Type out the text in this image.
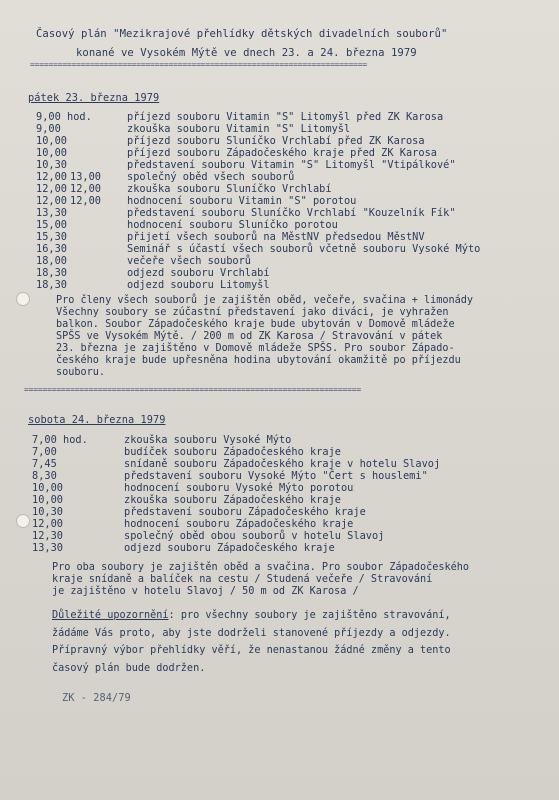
Časový plán "Mezikrajové přehlídky dětských divadelních souborů"
konané ve Vysokém Mýtě ve dnech 23. a 24. března 1979
=========================================================================
pátek 23. března 1979
9,00 hod.	příjezd souboru Vitamin "S" Litomyšl před ZK Karosa
9,00	zkouška souboru Vitamin "S" Litomyšl
10,00	příjezd souboru Sluníčko Vrchlabí před ZK Karosa
10,00	příjezd souboru Západočeského kraje před ZK Karosa
10,30	představení souboru Vitamin "S" Litomyšl "Vtipálkové"
12,00 13,00	společný oběd všech souborů
12,00 12,00	zkouška souboru Sluníčko Vrchlabí
12,00 12,00	hodnocení souboru Vitamin "S" porotou
13,30	představení souboru Sluníčko Vrchlabí "Kouzelník Fík"
15,00	hodnocení souboru Sluníčko porotou
15,30	přijetí všech souborů na MěstNV předsedou MěstNV
16,30	Seminář s účastí všech souborů včetně souboru Vysoké Mýto
18,00	večeře všech souborů
18,30	odjezd souboru Vrchlabí
18,30	odjezd souboru Litomyšl
Pro členy všech souborů je zajištěn oběd, večeře, svačina + limonády
Všechny soubory se zúčastní představení jako diváci, je vyhražen
balkon. Soubor Západočeského kraje bude ubytován v Domově mládeže
SPŠS ve Vysokém Mýtě. / 200 m od ZK Karosa / Stravování v pátek
23. března je zajištěno v Domově mládeže SPŠS. Pro soubor Západo-
českého kraje bude upřesněna hodina ubytování okamžitě po příjezdu
souboru.
=========================================================================
sobota 24. března 1979
7,00 hod.	zkouška souboru Vysoké Mýto
7,00	budíček souboru Západočeského kraje
7,45	snídaně souboru Západočeského kraje v hotelu Slavoj
8,30	představení souboru Vysoké Mýto "Čert s houslemi"
10,00	hodnocení souboru Vysoké Mýto porotou
10,00	zkouška souboru Západočeského kraje
10,30	představení souboru Západočeského kraje
12,00	hodnocení souboru Západočeského kraje
12,30	společný oběd obou souborů v hotelu Slavoj
13,30	odjezd souboru Západočeského kraje
Pro oba soubory je zajištěn oběd a svačina. Pro soubor Západočeského
kraje snídaně a balíček na cestu / Studená večeře / Stravování
je zajištěno v hotelu Slavoj / 50 m od ZK Karosa /
Důležité upozornění: pro všechny soubory je zajištěno stravování,
žádáme Vás proto, aby jste dodrželi stanovené příjezdy a odjezdy.
Přípravný výbor přehlídky věří, že nenastanou žádné změny a tento
časový plán bude dodržen.
ZK - 284/79
